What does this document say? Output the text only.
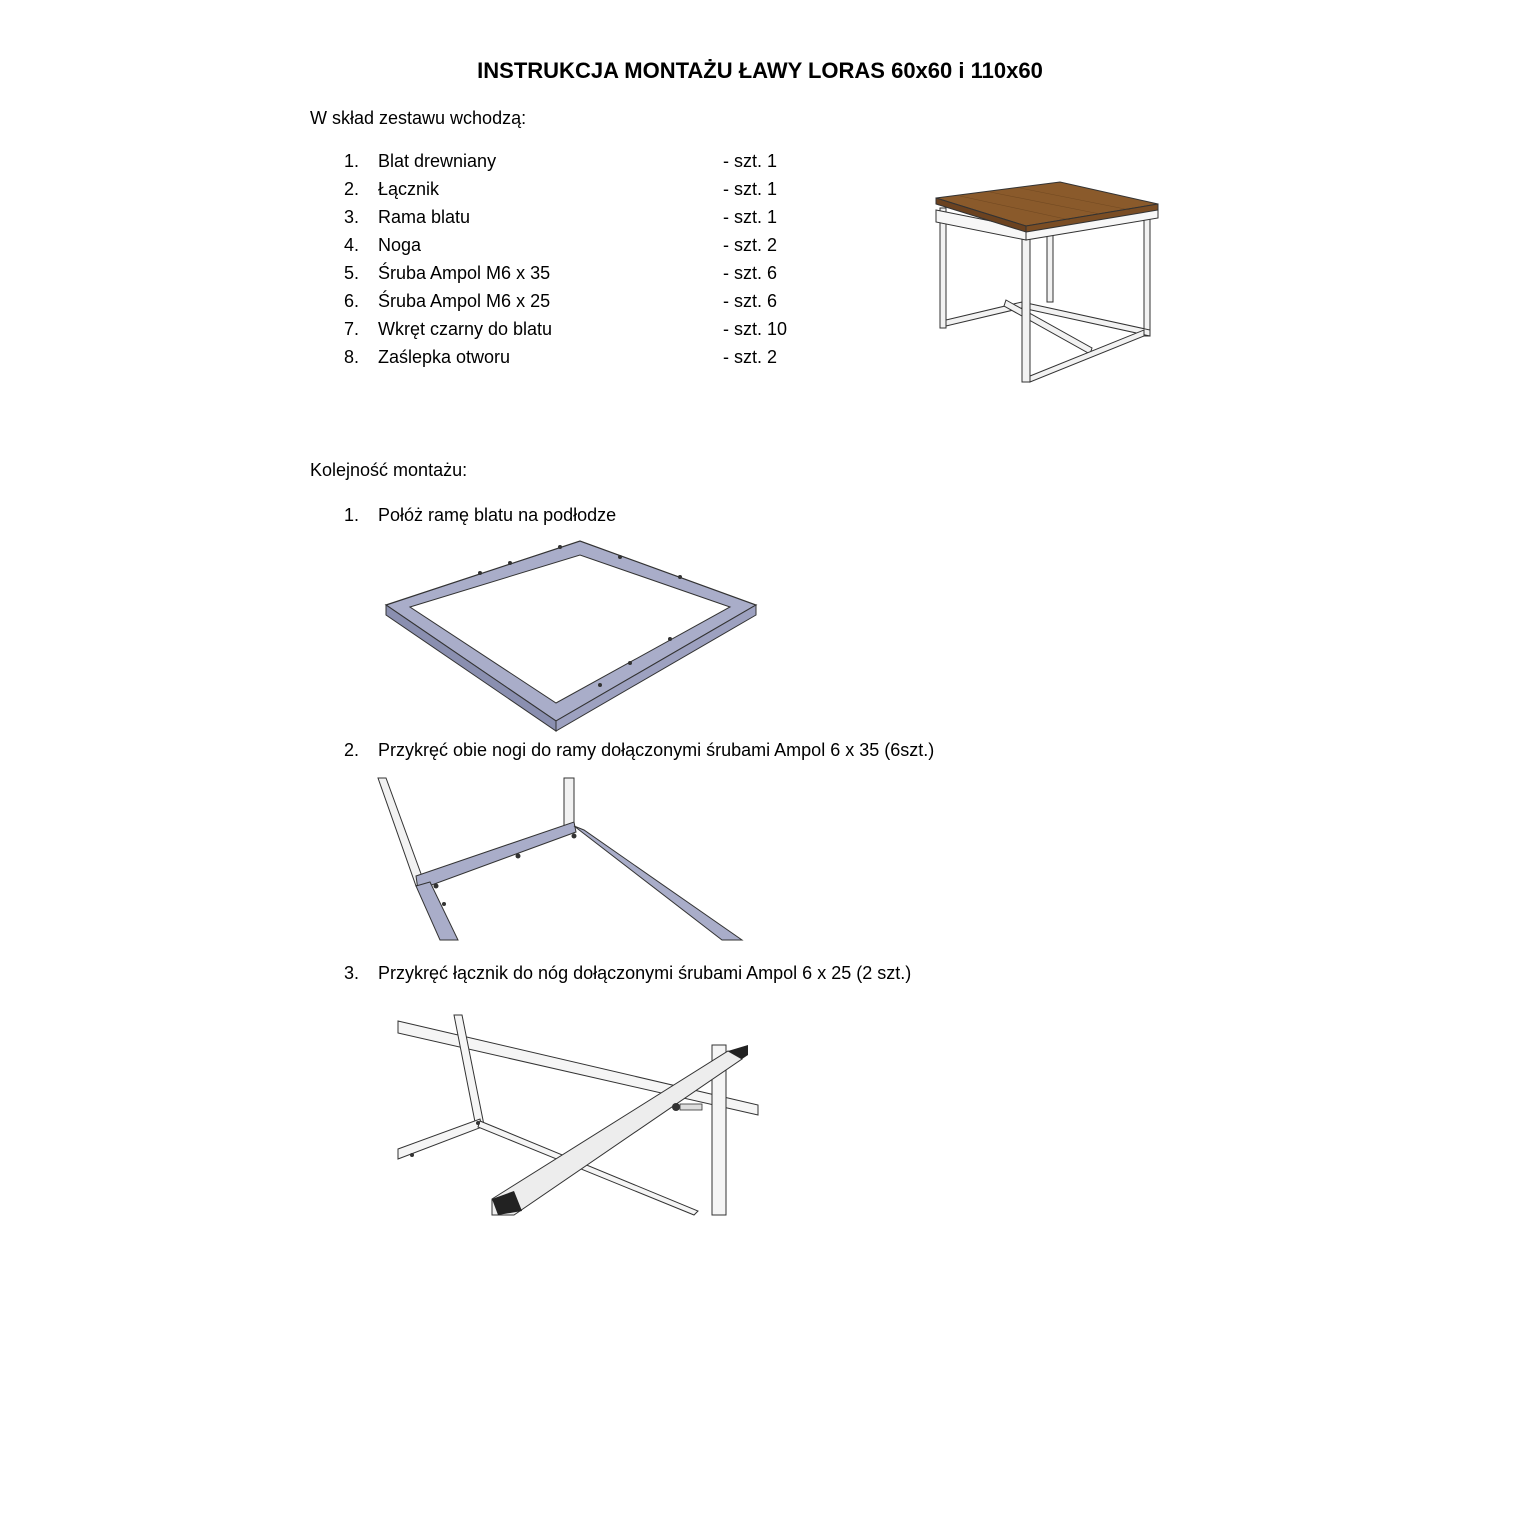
INSTRUKCJA MONTAŻU ŁAWY LORAS 60x60 i 110x60
W skład zestawu wchodzą:
1. Blat drewniany	- szt. 1
2. Łącznik	- szt. 1
3. Rama blatu	- szt. 1
4. Noga	- szt. 2
5. Śruba Ampol M6 x 35	- szt. 6
6. Śruba Ampol M6 x 25	- szt. 6
7. Wkręt czarny do blatu	- szt. 10
8. Zaślepka otworu	- szt. 2
Kolejność montażu:
1. Połóż ramę blatu na podłodze
2. Przykręć obie nogi do ramy dołączonymi śrubami Ampol 6 x 35 (6szt.)
3. Przykręć łącznik do nóg dołączonymi śrubami Ampol 6 x 25 (2 szt.)
